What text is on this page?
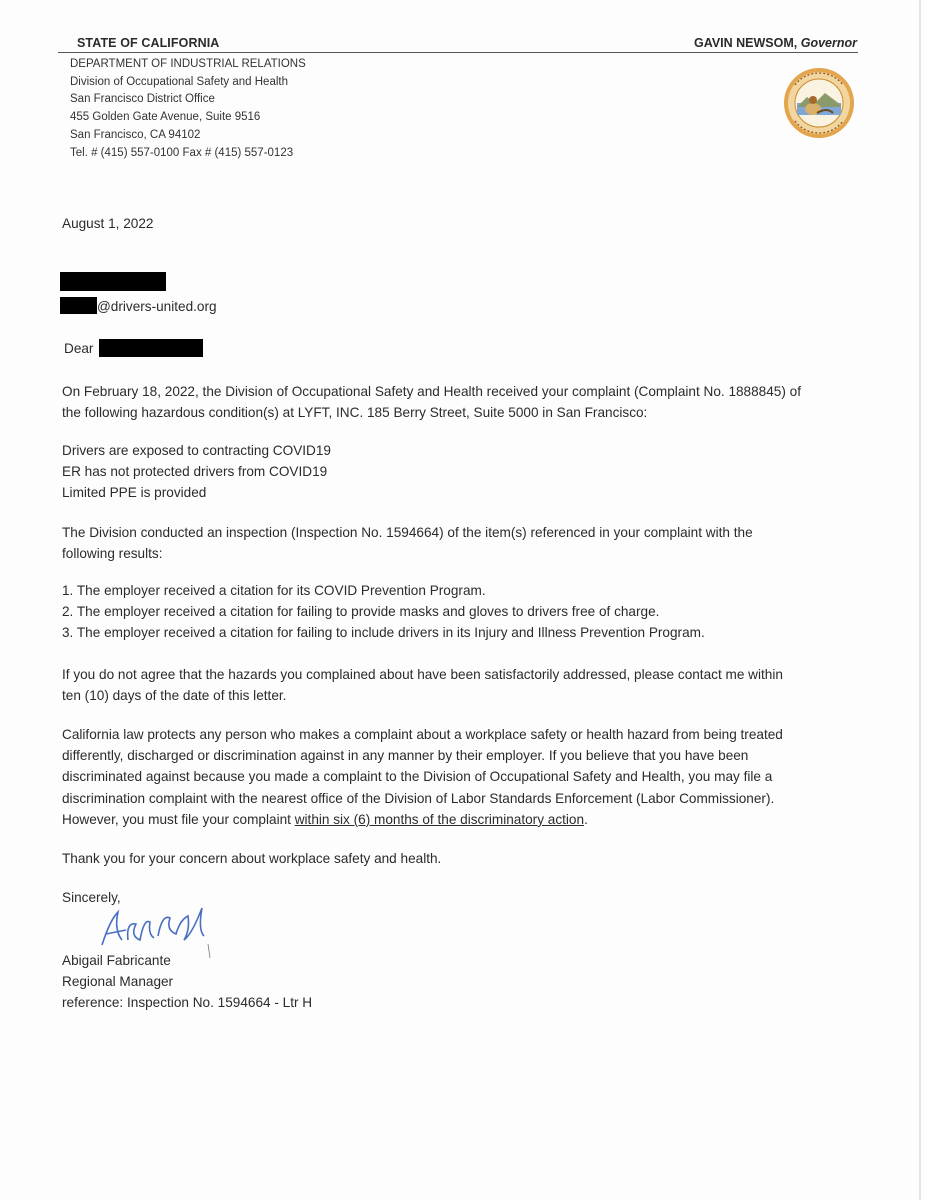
STATE OF CALIFORNIA	GAVIN NEWSOM, Governor
DEPARTMENT OF INDUSTRIAL RELATIONS
Division of Occupational Safety and Health
San Francisco District Office
455 Golden Gate Avenue, Suite 9516
San Francisco, CA 94102
Tel. # (415) 557-0100 Fax # (415) 557-0123
August 1, 2022
@drivers-united.org
Dear
On February 18, 2022, the Division of Occupational Safety and Health received your complaint (Complaint No. 1888845) of
the following hazardous condition(s) at LYFT, INC. 185 Berry Street, Suite 5000 in San Francisco:
Drivers are exposed to contracting COVID19
ER has not protected drivers from COVID19
Limited PPE is provided
The Division conducted an inspection (Inspection No. 1594664) of the item(s) referenced in your complaint with the
following results:
1. The employer received a citation for its COVID Prevention Program.
2. The employer received a citation for failing to provide masks and gloves to drivers free of charge.
3. The employer received a citation for failing to include drivers in its Injury and Illness Prevention Program.
If you do not agree that the hazards you complained about have been satisfactorily addressed, please contact me within
ten (10) days of the date of this letter.
California law protects any person who makes a complaint about a workplace safety or health hazard from being treated
differently, discharged or discrimination against in any manner by their employer. If you believe that you have been
discriminated against because you made a complaint to the Division of Occupational Safety and Health, you may file a
discrimination complaint with the nearest office of the Division of Labor Standards Enforcement (Labor Commissioner).
However, you must file your complaint within six (6) months of the discriminatory action.
Thank you for your concern about workplace safety and health.
Sincerely,
Abigail Fabricante
Regional Manager
reference: Inspection No. 1594664 - Ltr H
